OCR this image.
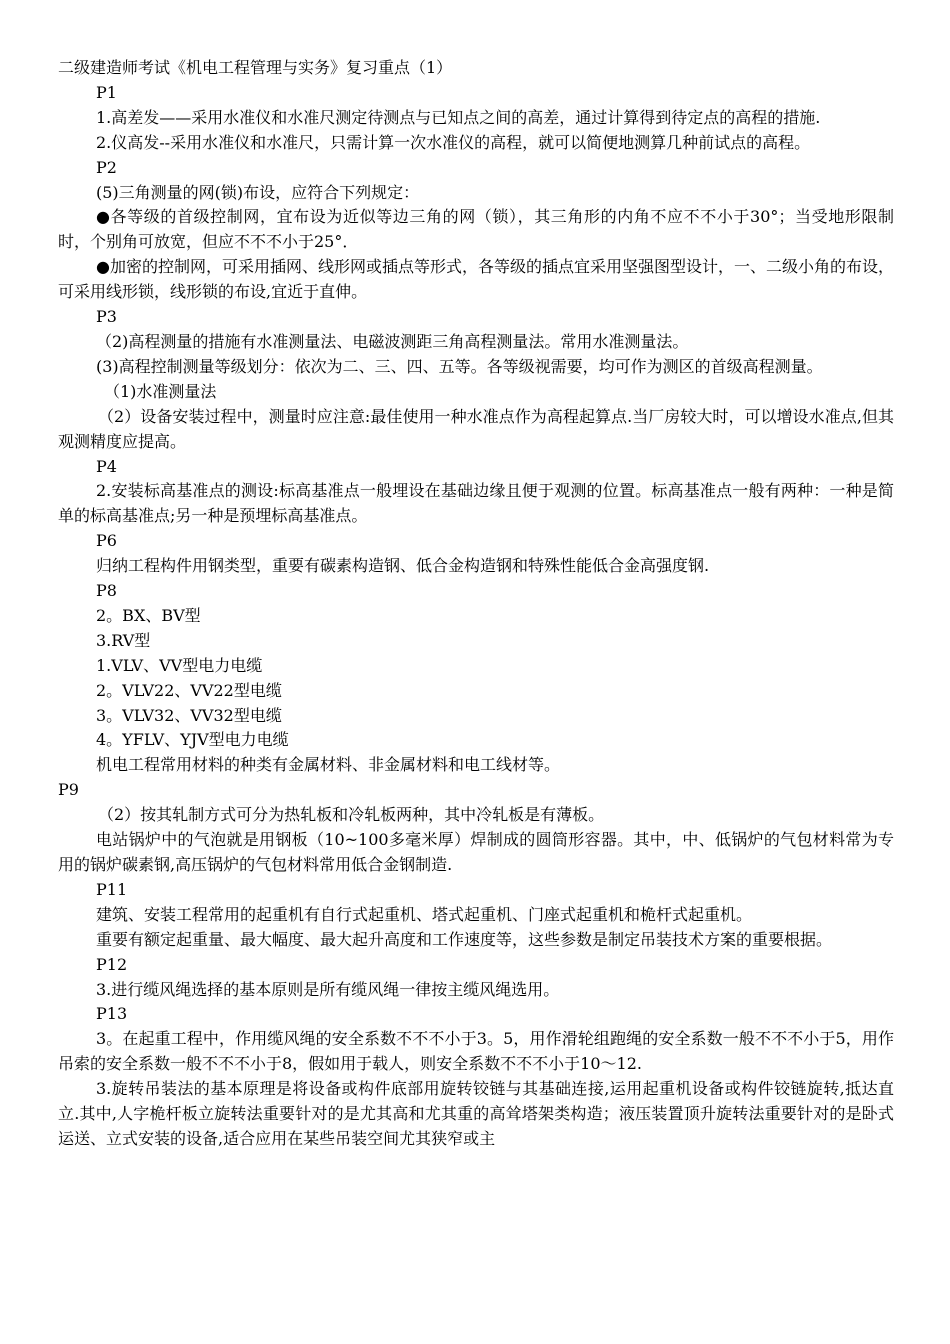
二级建造师考试《机电工程管理与实务》复习重点（1）

P1

1.高差发——采用水准仪和水准尺测定待测点与已知点之间的高差，通过计算得到待定点的高程的措施.

2.仪高发--采用水准仪和水准尺，只需计算一次水准仪的高程，就可以简便地测算几种前试点的高程。

P2

(5)三角测量的网(锁)布设，应符合下列规定：

●各等级的首级控制网，宜布设为近似等边三角的网（锁），其三角形的内角不应不不小于30°；当受地形限制时，个别角可放宽，但应不不不小于25°．

●加密的控制网，可采用插网、线形网或插点等形式，各等级的插点宜采用坚强图型设计，一、二级小角的布设，可采用线形锁，线形锁的布设,宜近于直伸。

P3

（2)高程测量的措施有水准测量法、电磁波测距三角高程测量法。常用水准测量法。

(3)高程控制测量等级划分：依次为二、三、四、五等。各等级视需要，均可作为测区的首级高程测量。

（1)水准测量法

（2）设备安装过程中，测量时应注意:最佳使用一种水准点作为高程起算点.当厂房较大时，可以增设水准点,但其观测精度应提高。

P4

2.安装标高基准点的测设:标高基准点一般埋设在基础边缘且便于观测的位置。标高基准点一般有两种：一种是简单的标高基准点;另一种是预埋标高基准点。

P6

归纳工程构件用钢类型，重要有碳素构造钢、低合金构造钢和特殊性能低合金高强度钢.

P8

2。BX、BV型

3.RV型

1.VLV、VV型电力电缆

2。VLV22、VV22型电缆

3。VLV32、VV32型电缆

4。YFLV、YJV型电力电缆

机电工程常用材料的种类有金属材料、非金属材料和电工线材等。

P9

（2）按其轧制方式可分为热轧板和冷轧板两种，其中冷轧板是有薄板。

电站锅炉中的气泡就是用钢板（10~100多毫米厚）焊制成的圆筒形容器。其中，中、低锅炉的气包材料常为专用的锅炉碳素钢,高压锅炉的气包材料常用低合金钢制造.

P11

建筑、安装工程常用的起重机有自行式起重机、塔式起重机、门座式起重机和桅杆式起重机。

重要有额定起重量、最大幅度、最大起升高度和工作速度等，这些参数是制定吊装技术方案的重要根据。

P12

3.进行缆风绳选择的基本原则是所有缆风绳一律按主缆风绳选用。

P13

3。在起重工程中，作用缆风绳的安全系数不不不小于3。5，用作滑轮组跑绳的安全系数一般不不不小于5，用作吊索的安全系数一般不不不小于8，假如用于载人，则安全系数不不不小于10～12.

3.旋转吊装法的基本原理是将设备或构件底部用旋转铰链与其基础连接,运用起重机设备或构件铰链旋转,抵达直立.其中,人字桅杆板立旋转法重要针对的是尤其高和尤其重的高耸塔架类构造；液压装置顶升旋转法重要针对的是卧式运送、立式安装的设备,适合应用在某些吊装空间尤其狭窄或主
